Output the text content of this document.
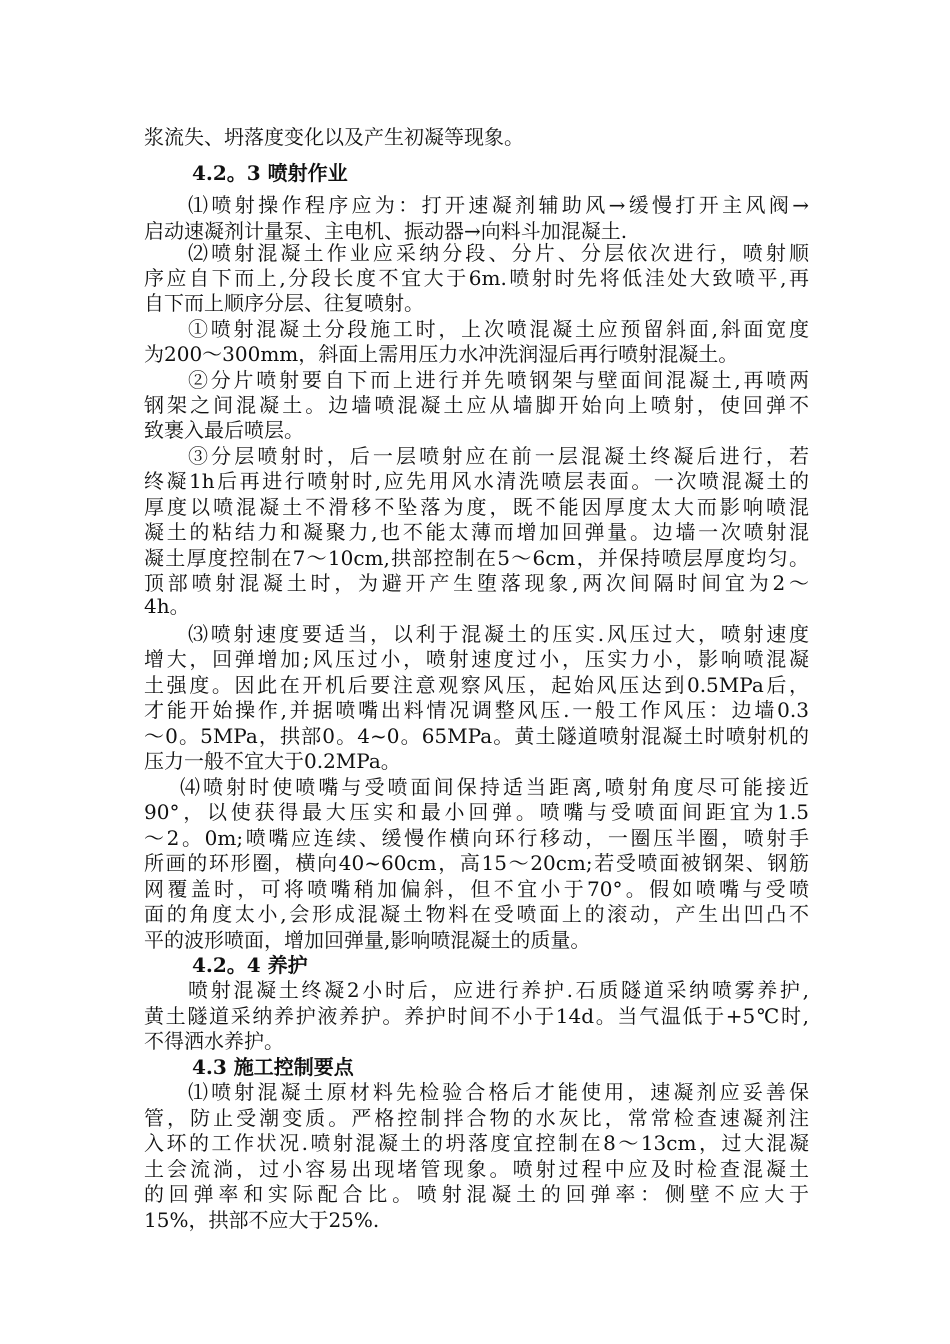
浆流失、坍落度变化以及产生初凝等现象。
4.2。3 喷射作业
⑴喷射操作程序应为：打开速凝剂辅助风→缓慢打开主风阀→
启动速凝剂计量泵、主电机、振动器→向料斗加混凝土.
⑵喷射混凝土作业应采纳分段、分片、分层依次进行，喷射顺
序应自下而上,分段长度不宜大于6m.喷射时先将低洼处大致喷平,再
自下而上顺序分层、往复喷射。
①喷射混凝土分段施工时，上次喷混凝土应预留斜面,斜面宽度
为200～300mm，斜面上需用压力水冲洗润湿后再行喷射混凝土。
②分片喷射要自下而上进行并先喷钢架与壁面间混凝土,再喷两
钢架之间混凝土。边墙喷混凝土应从墙脚开始向上喷射，使回弹不
致裹入最后喷层。
③分层喷射时，后一层喷射应在前一层混凝土终凝后进行，若
终凝1h后再进行喷射时,应先用风水清洗喷层表面。一次喷混凝土的
厚度以喷混凝土不滑移不坠落为度，既不能因厚度太大而影响喷混
凝土的粘结力和凝聚力,也不能太薄而增加回弹量。边墙一次喷射混
凝土厚度控制在7～10cm,拱部控制在5～6cm，并保持喷层厚度均匀。
顶部喷射混凝土时，为避开产生堕落现象,两次间隔时间宜为2～
4h。
⑶喷射速度要适当，以利于混凝土的压实.风压过大，喷射速度
增大，回弹增加;风压过小，喷射速度过小，压实力小，影响喷混凝
土强度。因此在开机后要注意观察风压，起始风压达到0.5MPa后，
才能开始操作,并据喷嘴出料情况调整风压.一般工作风压：边墙0.3
～0。5MPa，拱部0。4~0。65MPa。黄土隧道喷射混凝土时喷射机的
压力一般不宜大于0.2MPa。
⑷喷射时使喷嘴与受喷面间保持适当距离,喷射角度尽可能接近
90°，以使获得最大压实和最小回弹。喷嘴与受喷面间距宜为1.5
～2。0m;喷嘴应连续、缓慢作横向环行移动，一圈压半圈，喷射手
所画的环形圈，横向40~60cm，高15～20cm;若受喷面被钢架、钢筋
网覆盖时，可将喷嘴稍加偏斜，但不宜小于70°。假如喷嘴与受喷
面的角度太小,会形成混凝土物料在受喷面上的滚动，产生出凹凸不
平的波形喷面，增加回弹量,影响喷混凝土的质量。
4.2。4 养护
喷射混凝土终凝2小时后，应进行养护.石质隧道采纳喷雾养护,
黄土隧道采纳养护液养护。养护时间不小于14d。当气温低于+5℃时,
不得洒水养护。
4.3 施工控制要点
⑴喷射混凝土原材料先检验合格后才能使用，速凝剂应妥善保
管，防止受潮变质。严格控制拌合物的水灰比，常常检查速凝剂注
入环的工作状况.喷射混凝土的坍落度宜控制在8～13cm，过大混凝
土会流淌，过小容易出现堵管现象。喷射过程中应及时检查混凝土
的回弹率和实际配合比。喷射混凝土的回弹率：侧壁不应大于
15%，拱部不应大于25%.
